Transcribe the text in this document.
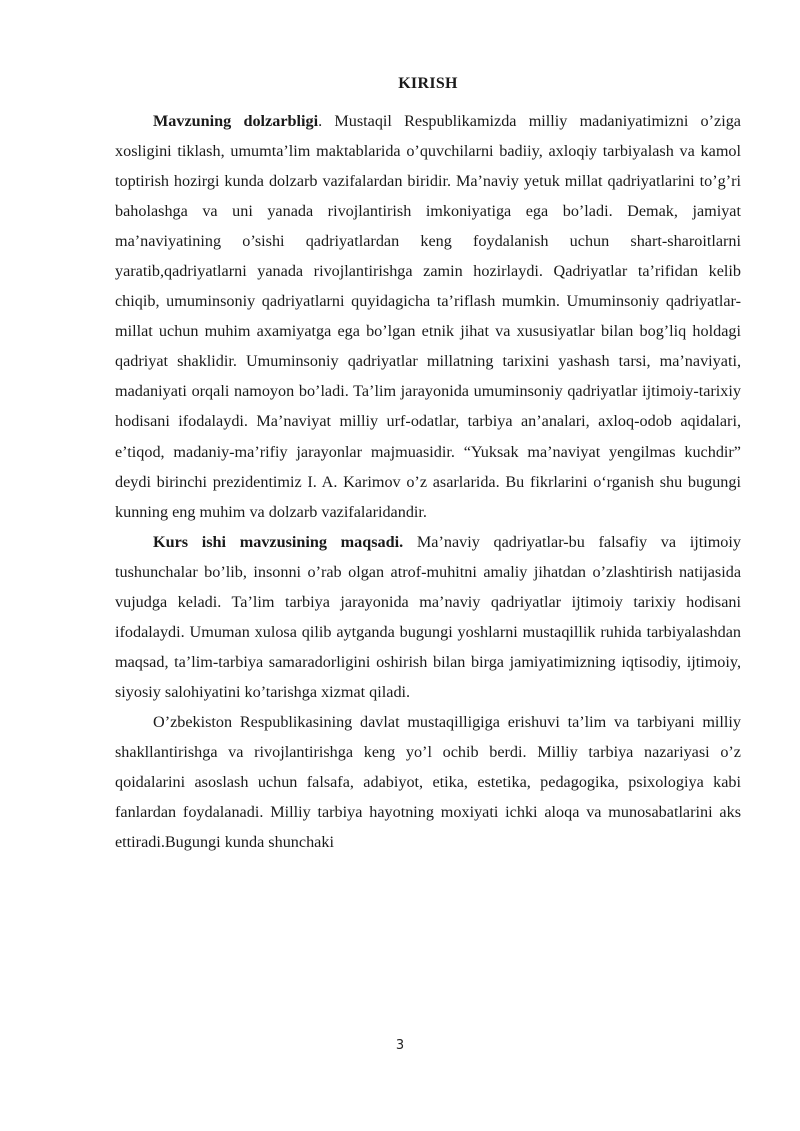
KIRISH

Mavzuning dolzarbligi. Mustaqil Respublikamizda milliy madaniyatimizni o’ziga xosligini tiklash, umumta’lim maktablarida o’quvchilarni badiiy, axloqiy tarbiyalash va kamol toptirish hozirgi kunda dolzarb vazifalardan biridir. Ma’naviy yetuk millat qadriyatlarini to’g’ri baholashga va uni yanada rivojlantirish imkoniyatiga ega bo’ladi. Demak, jamiyat ma’naviyatining o’sishi qadriyatlardan keng foydalanish uchun shart-sharoitlarni yaratib,qadriyatlarni yanada rivojlantirishga zamin hozirlaydi. Qadriyatlar ta’rifidan kelib chiqib, umuminsoniy qadriyatlarni quyidagicha ta’riflash mumkin. Umuminsoniy qadriyatlar-millat uchun muhim axamiyatga ega bo’lgan etnik jihat va xususiyatlar bilan bog’liq holdagi qadriyat shaklidir. Umuminsoniy qadriyatlar millatning tarixini yashash tarsi, ma’naviyati, madaniyati orqali namoyon bo’ladi. Ta’lim jarayonida umuminsoniy qadriyatlar ijtimoiy-tarixiy hodisani ifodalaydi. Ma’naviyat milliy urf-odatlar, tarbiya an’analari, axloq-odob aqidalari, e’tiqod, madaniy-ma’rifiy jarayonlar majmuasidir. “Yuksak ma’naviyat yengilmas kuchdir” deydi birinchi prezidentimiz I. A. Karimov o’z asarlarida. Bu fikrlarini o‘rganish shu bugungi kunning eng muhim va dolzarb vazifalaridandir.

Kurs ishi mavzusining maqsadi. Ma’naviy qadriyatlar-bu falsafiy va ijtimoiy tushunchalar bo’lib, insonni o’rab olgan atrof-muhitni amaliy jihatdan o’zlashtirish natijasida vujudga keladi. Ta’lim tarbiya jarayonida ma’naviy qadriyatlar ijtimoiy tarixiy hodisani ifodalaydi. Umuman xulosa qilib aytganda bugungi yoshlarni mustaqillik ruhida tarbiyalashdan maqsad, ta’lim-tarbiya samaradorligini oshirish bilan birga jamiyatimizning iqtisodiy, ijtimoiy, siyosiy salohiyatini ko’tarishga xizmat qiladi.

O’zbekiston Respublikasining davlat mustaqilligiga erishuvi ta’lim va tarbiyani milliy shakllantirishga va rivojlantirishga keng yo’l ochib berdi. Milliy tarbiya nazariyasi o’z qoidalarini asoslash uchun falsafa, adabiyot, etika, estetika, pedagogika, psixologiya kabi fanlardan foydalanadi. Milliy tarbiya hayotning moxiyati ichki aloqa va munosabatlarini aks ettiradi.Bugungi kunda shunchaki

3
